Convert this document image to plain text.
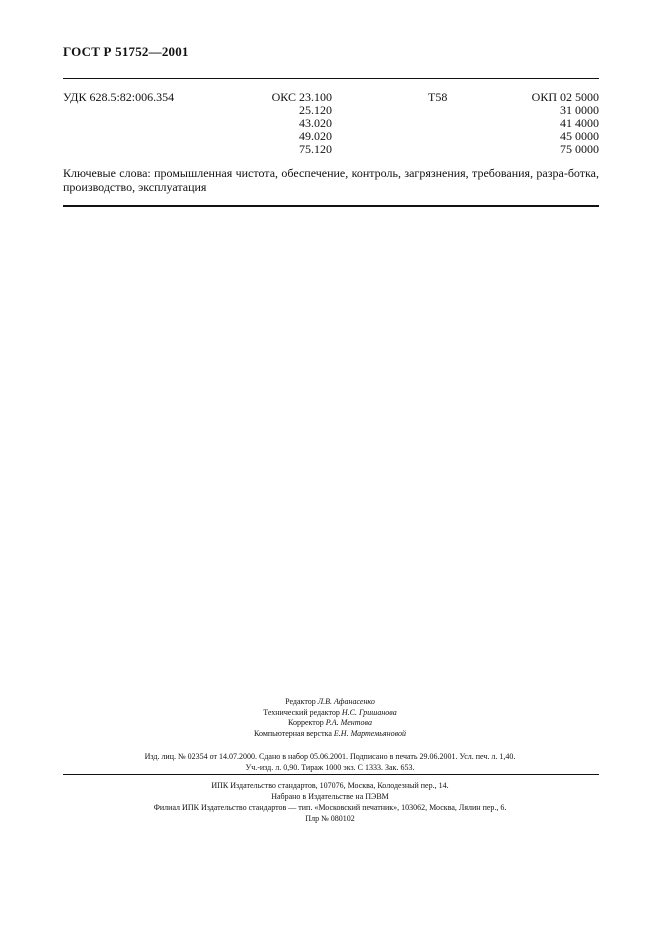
ГОСТ Р 51752—2001
УДК 628.5:82:006.354	ОКС 23.100
25.120
43.020
49.020
75.120
Т58	ОКП 02 5000
31 0000
41 4000
45 0000
75 0000
Ключевые слова: промышленная чистота, обеспечение, контроль, загрязнения, требования, разра-ботка, производство, эксплуатация
Редактор Л.В. Афанасенко
Технический редактор Н.С. Гришанова
Корректор Р.А. Ментова
Компьютерная верстка Е.Н. Мартемьяновой
Изд. лиц. № 02354 от 14.07.2000. Сдано в набор 05.06.2001. Подписано в печать 29.06.2001. Усл. печ. л. 1,40.
Уч.-изд. л. 0,90. Тираж 1000 экз. С 1333. Зак. 653.
ИПК Издательство стандартов, 107076, Москва, Колодезный пер., 14.
Набрано в Издательстве на ПЭВМ
Филиал ИПК Издательство стандартов — тип. «Московский печатник», 103062, Москва, Лялин пер., 6.
Плр № 080102
